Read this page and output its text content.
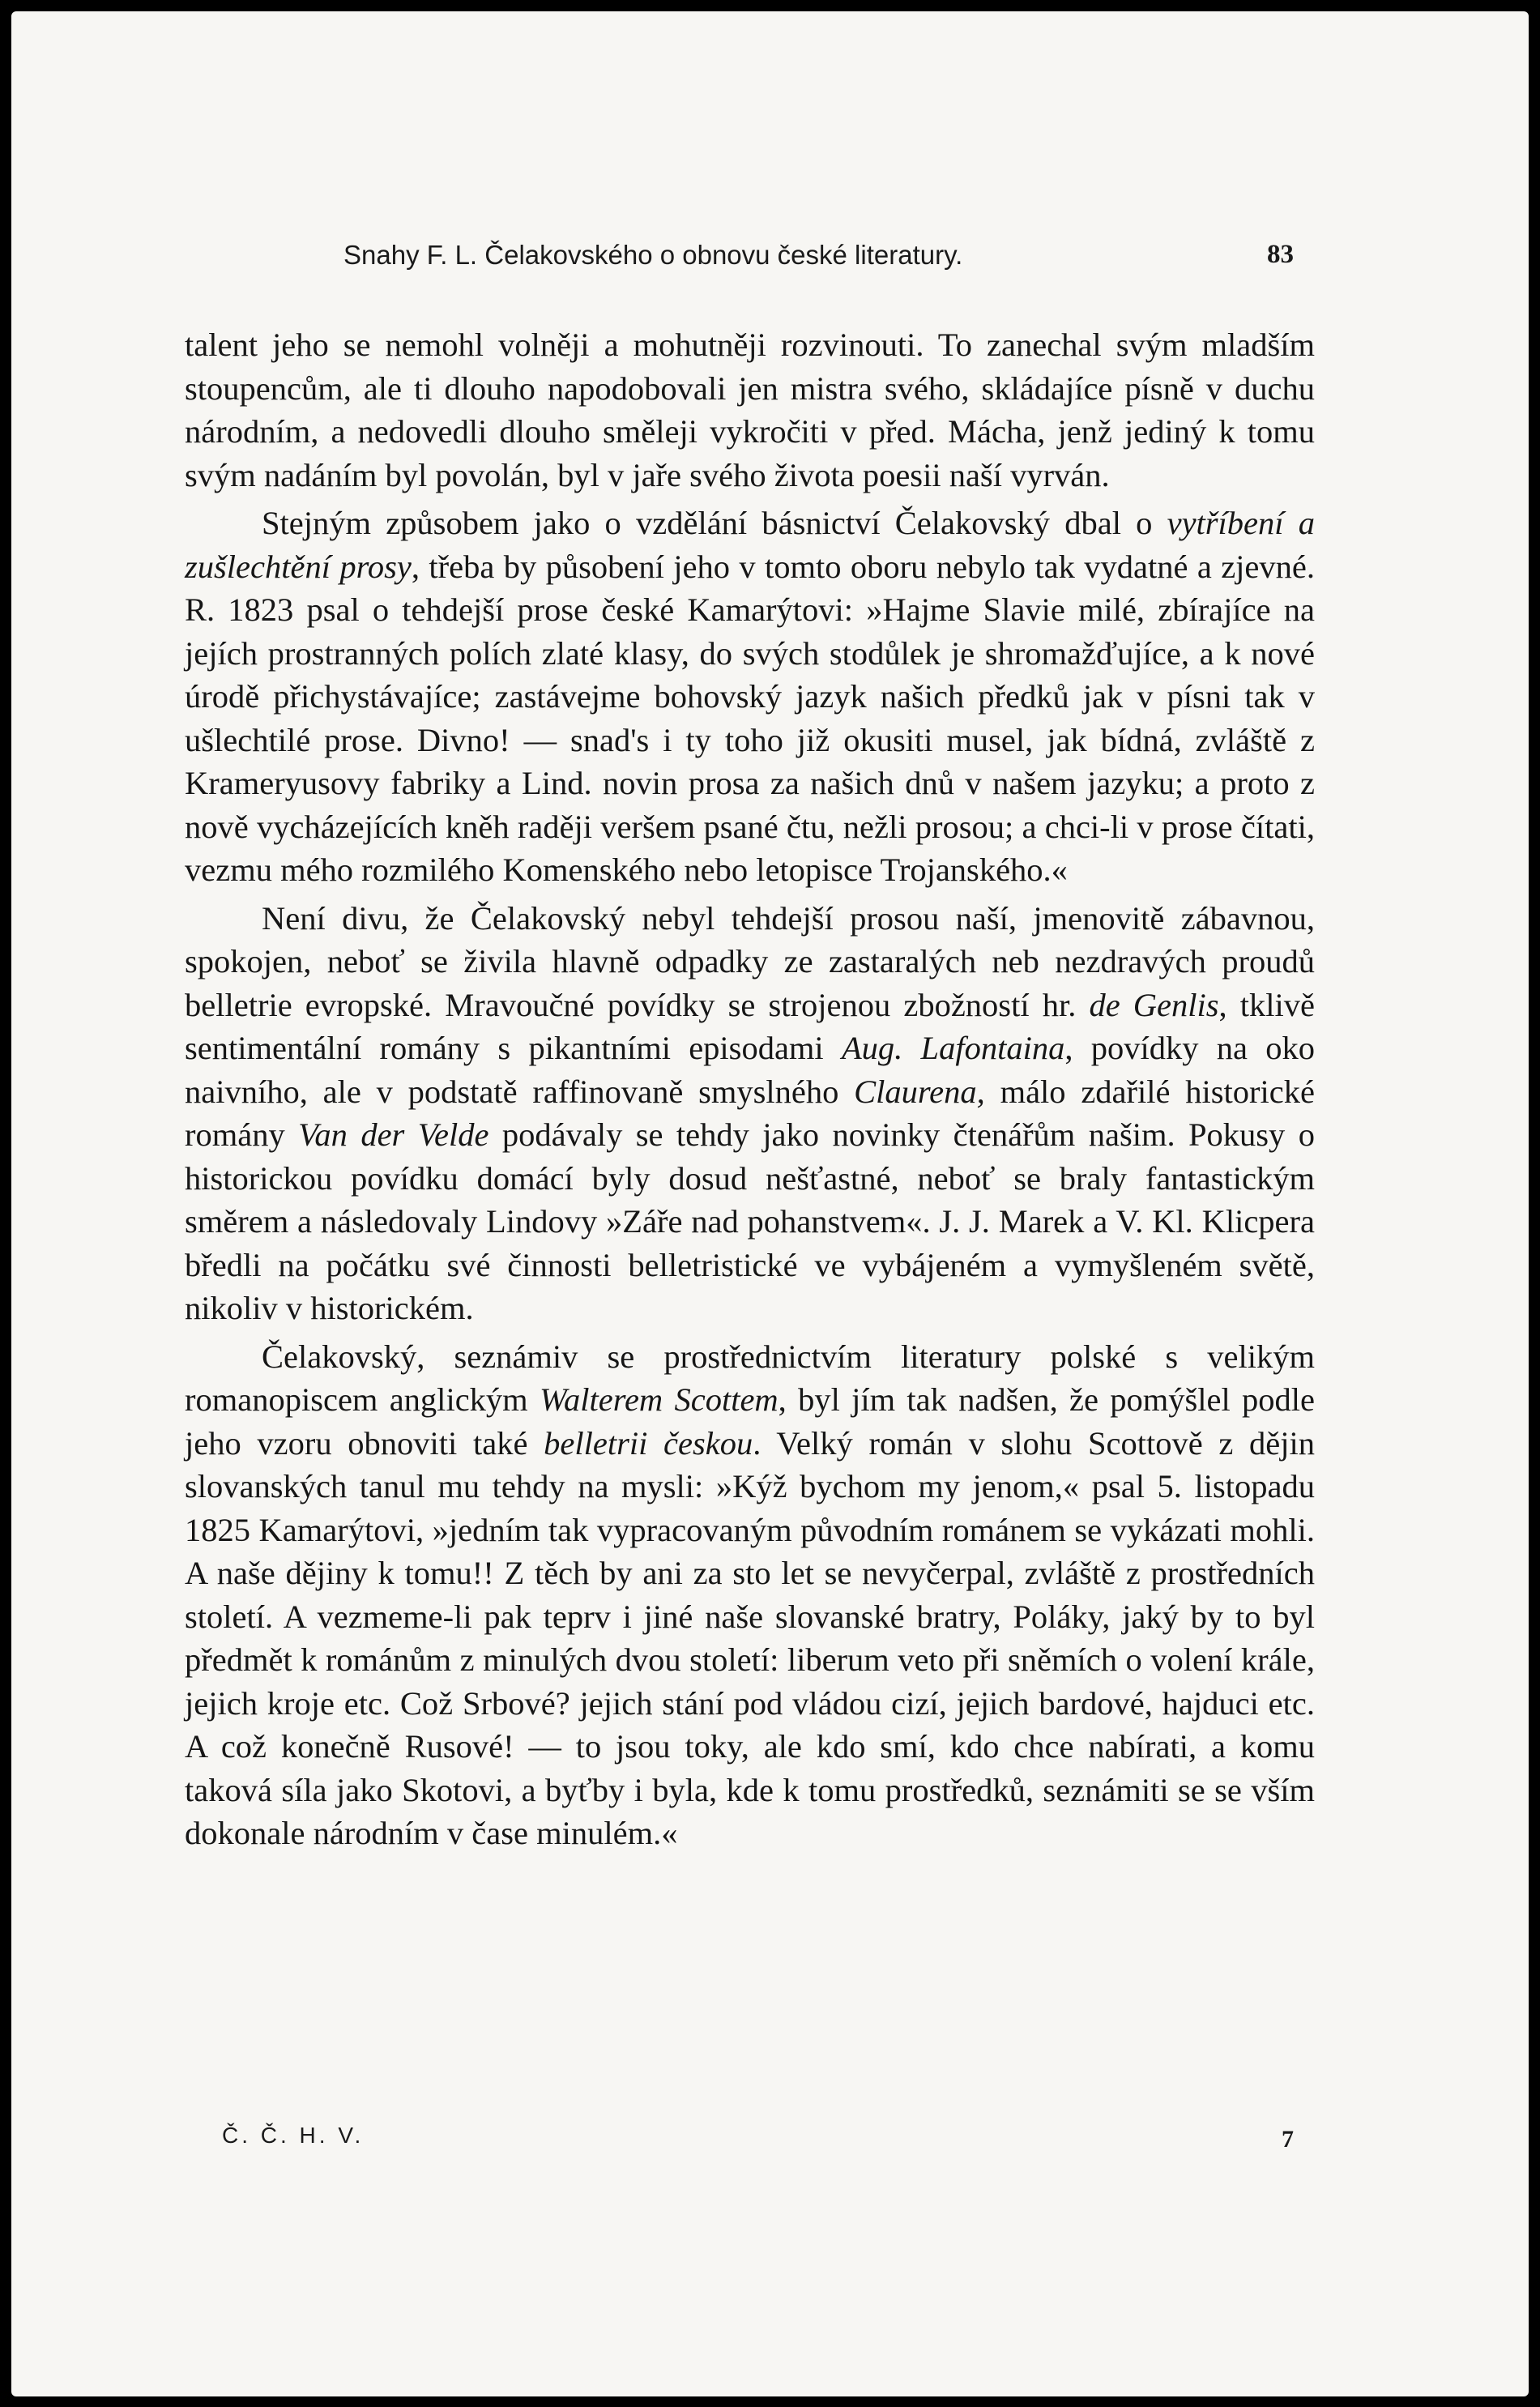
Snahy F. L. Čelakovského o obnovu české literatury.	83

talent jeho se nemohl volněji a mohutněji rozvinouti. To zanechal svým mladším stoupencům, ale ti dlouho napodobovali jen mistra svého, skládajíce písně v duchu národním, a nedovedli dlouho směleji vykročiti v před. Mácha, jenž jediný k tomu svým nadáním byl povolán, byl v jaře svého života poesii naší vyrván.

Stejným způsobem jako o vzdělání básnictví Čelakovský dbal o vytříbení a zušlechtění prosy, třeba by působení jeho v tomto oboru nebylo tak vydatné a zjevné. R. 1823 psal o tehdejší prose české Kamarýtovi: »Hajme Slavie milé, zbírajíce na jejích prostranných polích zlaté klasy, do svých stodůlek je shromažďujíce, a k nové úrodě přichystávajíce; zastávejme bohovský jazyk našich předků jak v písni tak v ušlechtilé prose. Divno! — snad's i ty toho již okusiti musel, jak bídná, zvláště z Krameryusovy fabriky a Lind. novin prosa za našich dnů v našem jazyku; a proto z nově vycházejících kněh raději veršem psané čtu, nežli prosou; a chci-li v prose čítati, vezmu mého rozmilého Komenského nebo letopisce Trojanského.«

Není divu, že Čelakovský nebyl tehdejší prosou naší, jmenovitě zábavnou, spokojen, neboť se živila hlavně odpadky ze zastaralých neb nezdravých proudů belletrie evropské. Mravoučné povídky se strojenou zbožností hr. de Genlis, tklivě sentimentální romány s pikantními episodami Aug. Lafontaina, povídky na oko naivního, ale v podstatě raffinovaně smyslného Claurena, málo zdařilé historické romány Van der Velde podávaly se tehdy jako novinky čtenářům našim. Pokusy o historickou povídku domácí byly dosud nešťastné, neboť se braly fantastickým směrem a následovaly Lindovy »Záře nad pohanstvem«. J. J. Marek a V. Kl. Klicpera bředli na počátku své činnosti belletristické ve vybájeném a vymyšleném světě, nikoliv v historickém.

Čelakovský, seznámiv se prostřednictvím literatury polské s velikým romanopiscem anglickým Walterem Scottem, byl jím tak nadšen, že pomýšlel podle jeho vzoru obnoviti také belletrii českou. Velký román v slohu Scottově z dějin slovanských tanul mu tehdy na mysli: »Kýž bychom my jenom,« psal 5. listopadu 1825 Kamarýtovi, »jedním tak vypracovaným původním románem se vykázati mohli. A naše dějiny k tomu!! Z těch by ani za sto let se nevyčerpal, zvláště z prostředních století. A vezmeme-li pak teprv i jiné naše slovanské bratry, Poláky, jaký by to byl předmět k románům z minulých dvou století: liberum veto při sněmích o volení krále, jejich kroje etc. Což Srbové? jejich stání pod vládou cizí, jejich bardové, hajduci etc. A což konečně Rusové! — to jsou toky, ale kdo smí, kdo chce nabírati, a komu taková síla jako Skotovi, a byťby i byla, kde k tomu prostředků, seznámiti se se vším dokonale národním v čase minulém.«

Č. Č. H. V.	7
